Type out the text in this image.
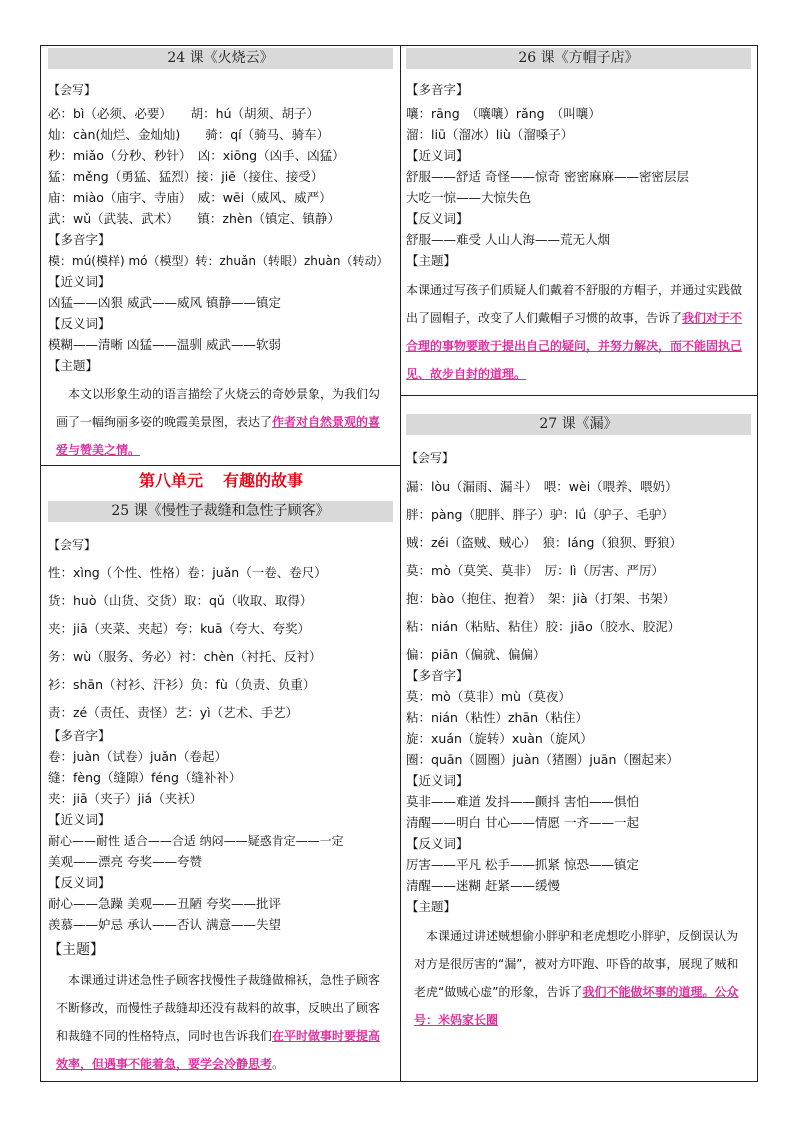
24 课《火烧云》
【会写】
必：bì（必须、必要）　　胡：hú（胡须、胡子）
灿：càn(灿烂、金灿灿)　　骑：qí（骑马、骑车）
秒：miǎo（分秒、秒针）　凶：xiōng（凶手、凶猛）
猛：měng（勇猛、猛烈）接：jiē（接住、接受）
庙：miào（庙宇、寺庙）　威：wēi（威风、威严）
武：wǔ（武装、武术）　　镇：zhèn（镇定、镇静）
【多音字】
模：mú(模样) mó（模型）转：zhuǎn（转眼）zhuàn（转动）
【近义词】
凶猛——凶狠 威武——威风 镇静——镇定
【反义词】
模糊——清晰 凶猛——温驯 威武——软弱
【主题】
　本文以形象生动的语言描绘了火烧云的奇妙景象，为我们勾画了一幅绚丽多姿的晚霞美景图，表达了作者对自然景观的喜爱与赞美之情。
第八单元 有趣的故事
25 课《慢性子裁缝和急性子顾客》
【会写】
性：xìng（个性、性格）卷：juǎn（一卷、卷尺）
货：huò（山货、交货）取：qǔ（收取、取得）
夹：jiā（夹菜、夹起）夸：kuā（夸大、夸奖）
务：wù（服务、务必）衬：chèn（衬托、反衬）
衫：shān（衬衫、汗衫）负：fù（负责、负重）
责：zé（责任、责怪）艺：yì（艺术、手艺）
【多音字】
卷：juàn（试卷）juǎn（卷起）
缝：fèng（缝隙）féng（缝补补）
夹：jiā（夹子）jiá（夹袄）
【近义词】
耐心——耐性 适合——合适 纳闷——疑惑肯定——一定
美观——漂亮 夸奖——夸赞
【反义词】
耐心——急躁 美观——丑陋 夸奖——批评
羡慕——妒忌 承认——否认 满意——失望
【主题】
　本课通过讲述急性子顾客找慢性子裁缝做棉袄，急性子顾客不断修改，而慢性子裁缝却还没有裁料的故事，反映出了顾客和裁缝不同的性格特点，同时也告诉我们在平时做事时要提高效率，但遇事不能着急，要学会冷静思考。
26 课《方帽子店》
【多音字】
嚷：rāng　（嚷嚷）rǎng　（叫嚷）
溜：liū（溜冰）liù（溜嗓子）
【近义词】
舒服——舒适 奇怪——惊奇 密密麻麻——密密层层
大吃一惊——大惊失色
【反义词】
舒服——难受 人山人海——荒无人烟
【主题】
本课通过写孩子们质疑人们戴着不舒服的方帽子，并通过实践做出了圆帽子，改变了人们戴帽子习惯的故事，告诉了我们对于不合理的事物要敢于提出自己的疑问，并努力解决，而不能固执己见、故步自封的道理。
27 课《漏》
【会写】
漏：lòu（漏雨、漏斗）　喂：wèi（喂养、喂奶）
胖：pàng（肥胖、胖子）驴：lǘ（驴子、毛驴）
贼：zéi（盗贼、贼心）　狼：láng（狼狈、野狼）
莫：mò（莫笑、莫非）　厉：lì（厉害、严厉）
抱：bào（抱住、抱着）　架：jià（打架、书架）
粘：nián（粘贴、粘住）胶：jiāo（胶水、胶泥）
偏：piān（偏就、偏偏）
【多音字】
莫：mò（莫非）mù（莫夜）
粘：nián（粘性）zhān（粘住）
旋：xuán（旋转）xuàn（旋风）
圈：quān（圆圈）juàn（猪圈）juān（圈起来）
【近义词】
莫非——难道 发抖——颤抖 害怕——惧怕
清醒——明白 甘心——情愿 一齐——一起
【反义词】
厉害——平凡 松手——抓紧 惊恐——镇定
清醒——迷糊 赶紧——缓慢
【主题】
　本课通过讲述贼想偷小胖驴和老虎想吃小胖驴，反倒误认为对方是很厉害的“漏”，被对方吓跑、吓昏的故事，展现了贼和老虎“做贼心虚”的形象，告诉了我们不能做坏事的道理。公众号：米妈家长圈
